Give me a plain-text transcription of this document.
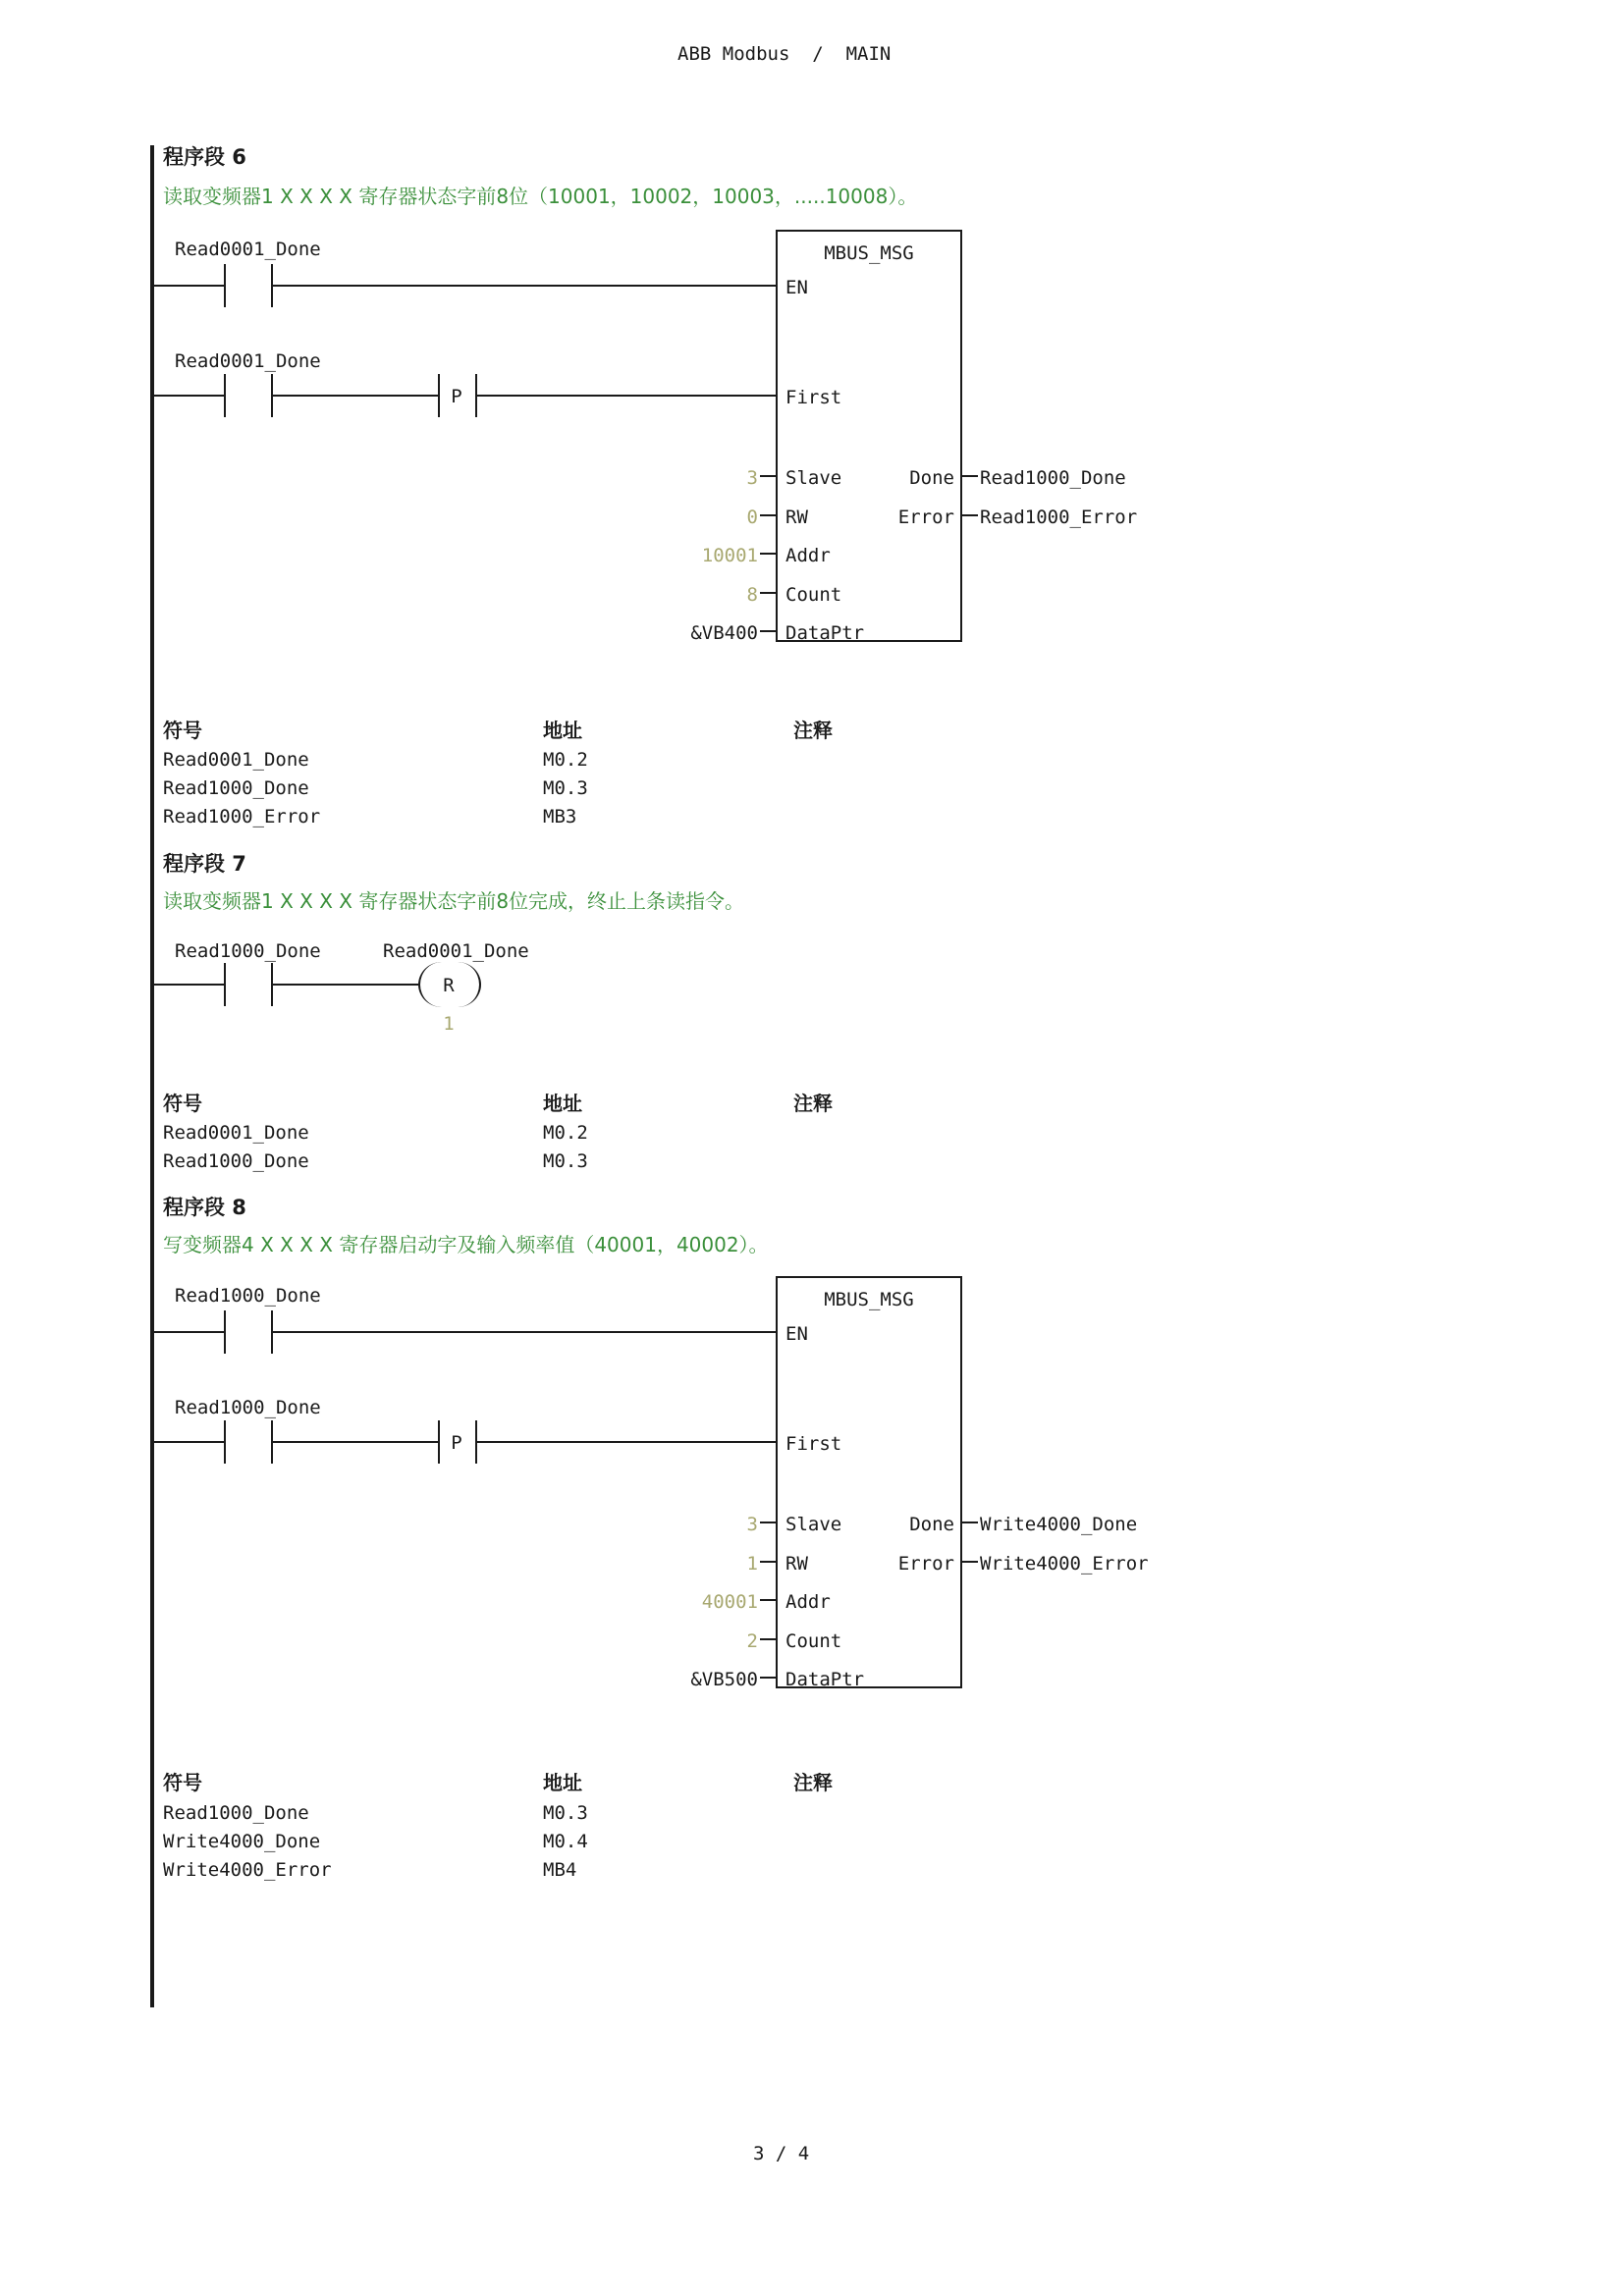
ABB Modbus  /  MAIN
3 / 4
程序段 6
读取变频器1 X X X X 寄存器状态字前8位（10001，10002，10003，.....10008）。
Read0001_Done
Read0001_Done
P
MBUS_MSG
EN
First
Slave
RW
Addr
Count
DataPtr
3
0
10001
8
&VB400
Done
Error
Read1000_Done
Read1000_Error
符号	地址	注释
Read0001_Done	M0.2
Read1000_Done	M0.3
Read1000_Error	MB3
程序段 7
读取变频器1 X X X X 寄存器状态字前8位完成，终止上条读指令。
Read1000_Done	Read0001_Done
R
1
符号	地址	注释
Read0001_Done	M0.2
Read1000_Done	M0.3
程序段 8
写变频器4 X X X X 寄存器启动字及输入频率值（40001，40002）。
Read1000_Done
Read1000_Done
P
MBUS_MSG
EN
First
Slave
RW
Addr
Count
DataPtr
3
1
40001
2
&VB500
Done
Error
Write4000_Done
Write4000_Error
符号	地址	注释
Read1000_Done	M0.3
Write4000_Done	M0.4
Write4000_Error	MB4
